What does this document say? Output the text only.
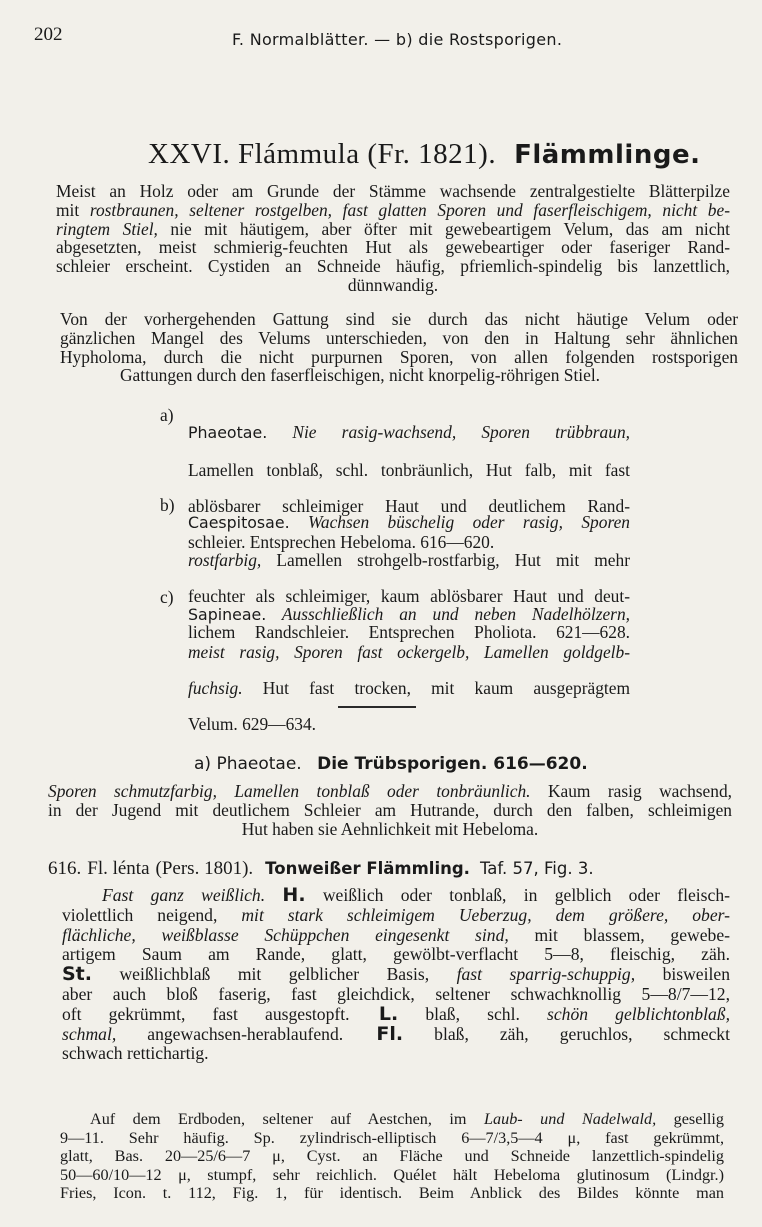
202	F. Normalblätter. — b) die Rostsporigen.
XXVI. Flámmula (Fr. 1821). Flämmlinge.

Meist an Holz oder am Grunde der Stämme wachsende zentralgestielte Blätterpilze

mit rostbraunen, seltener rostgelben, fast glatten Sporen und faserfleischigem, nicht be-

ringtem Stiel, nie mit häutigem, aber öfter mit gewebeartigem Velum, das am nicht

abgesetzten, meist schmierig-feuchten Hut als gewebeartiger oder faseriger Rand-

schleier erscheint. Cystiden an Schneide häufig, pfriemlich-spindelig bis lanzettlich,

dünnwandig.

Von der vorhergehenden Gattung sind sie durch das nicht häutige Velum oder

gänzlichen Mangel des Velums unterschieden, von den in Haltung sehr ähnlichen

Hypholoma, durch die nicht purpurnen Sporen, von allen folgenden rostsporigen

Gattungen durch den faserfleischigen, nicht knorpelig-röhrigen Stiel.

a)

Phaeotae. Nie rasig-wachsend, Sporen trübbraun,

Lamellen tonblaß, schl. tonbräunlich, Hut falb, mit fast

ablösbarer schleimiger Haut und deutlichem Rand-

schleier. Entsprechen Hebeloma. 616—620.

b)

Caespitosae. Wachsen büschelig oder rasig, Sporen

rostfarbig, Lamellen strohgelb-rostfarbig, Hut mit mehr

feuchter als schleimiger, kaum ablösbarer Haut und deut-

lichem Randschleier. Entsprechen Pholiota. 621—628.

c)

Sapineae. Ausschließlich an und neben Nadelhölzern,

meist rasig, Sporen fast ockergelb, Lamellen goldgelb-

fuchsig. Hut fast trocken, mit kaum ausgeprägtem

Velum. 629—634.

a) Phaeotae. Die Trübsporigen. 616—620.

Sporen schmutzfarbig, Lamellen tonblaß oder tonbräunlich. Kaum rasig wachsend,

in der Jugend mit deutlichem Schleier am Hutrande, durch den falben, schleimigen

Hut haben sie Aehnlichkeit mit Hebeloma.

616. Fl. lénta (Pers. 1801). Tonweißer Flämmling. Taf. 57, Fig. 3.

Fast ganz weißlich. H. weißlich oder tonblaß, in gelblich oder fleisch-

violettlich neigend, mit stark schleimigem Ueberzug, dem größere, ober-

flächliche, weißblasse Schüppchen eingesenkt sind, mit blassem, gewebe-

artigem Saum am Rande, glatt, gewölbt-verflacht 5—8, fleischig, zäh.

St. weißlichblaß mit gelblicher Basis, fast sparrig-schuppig, bisweilen

aber auch bloß faserig, fast gleichdick, seltener schwachknollig 5—8/7—12,

oft gekrümmt, fast ausgestopft. L. blaß, schl. schön gelblichtonblaß,

schmal, angewachsen-herablaufend. Fl. blaß, zäh, geruchlos, schmeckt

schwach rettichartig.

Auf dem Erdboden, seltener auf Aestchen, im Laub- und Nadelwald, gesellig

9—11. Sehr häufig. Sp. zylindrisch-elliptisch 6—7/3,5—4 μ, fast gekrümmt,

glatt, Bas. 20—25/6—7 μ, Cyst. an Fläche und Schneide lanzettlich-spindelig

50—60/10—12 μ, stumpf, sehr reichlich. Quélet hält Hebeloma glutinosum (Lindgr.)

Fries, Icon. t. 112, Fig. 1, für identisch. Beim Anblick des Bildes könnte man
